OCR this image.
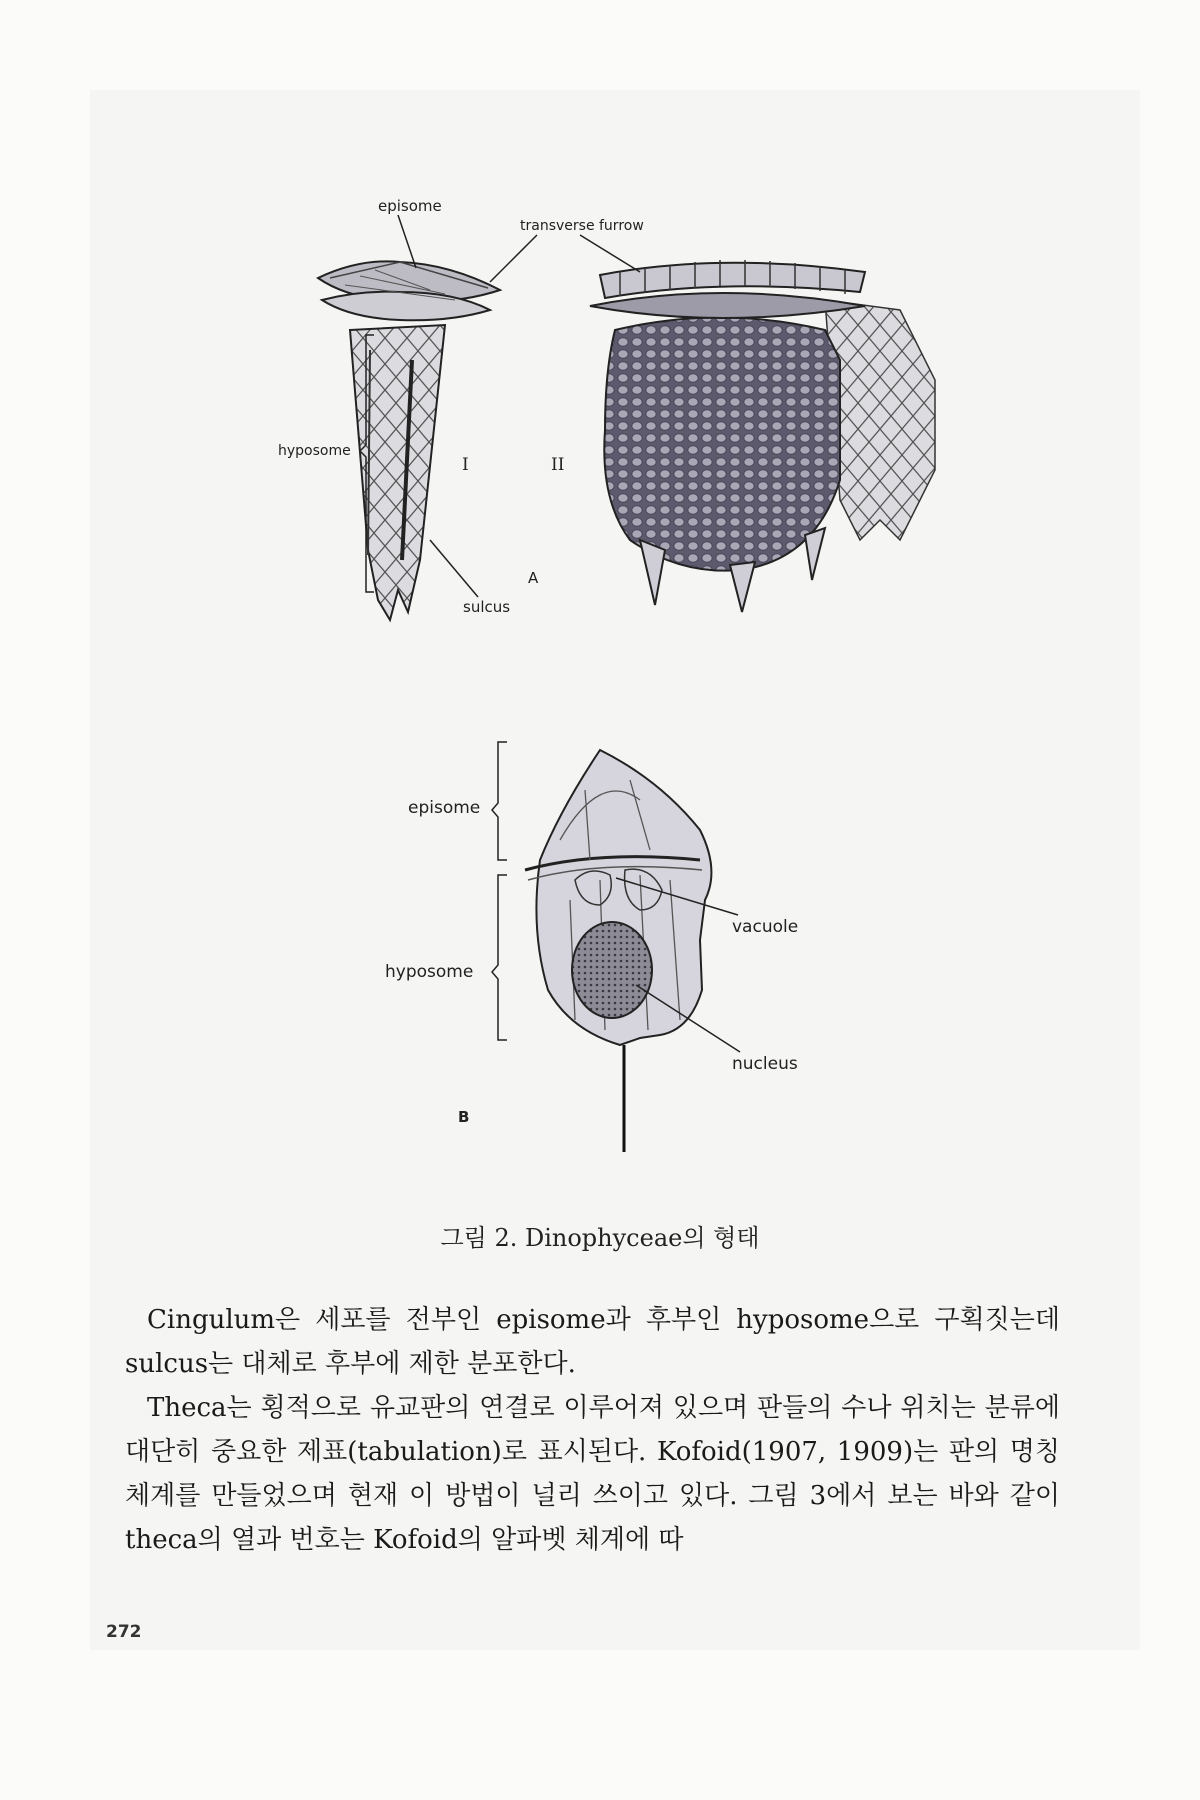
episome
transverse furrow
hyposome
sulcus
I	II
A
episome
hyposome
vacuole
nucleus
B
그림 2. Dinophyceae의 형태

Cingulum은 세포를 전부인 episome과 후부인 hyposome으로 구획짓는데 sulcus는 대체로 후부에 제한 분포한다.

Theca는 횡적으로 유교판의 연결로 이루어져 있으며 판들의 수나 위치는 분류에 대단히 중요한 제표(tabulation)로 표시된다. Kofoid(1907, 1909)는 판의 명칭 체계를 만들었으며 현재 이 방법이 널리 쓰이고 있다. 그림 3에서 보는 바와 같이 theca의 열과 번호는 Kofoid의 알파벳 체계에 따

272
